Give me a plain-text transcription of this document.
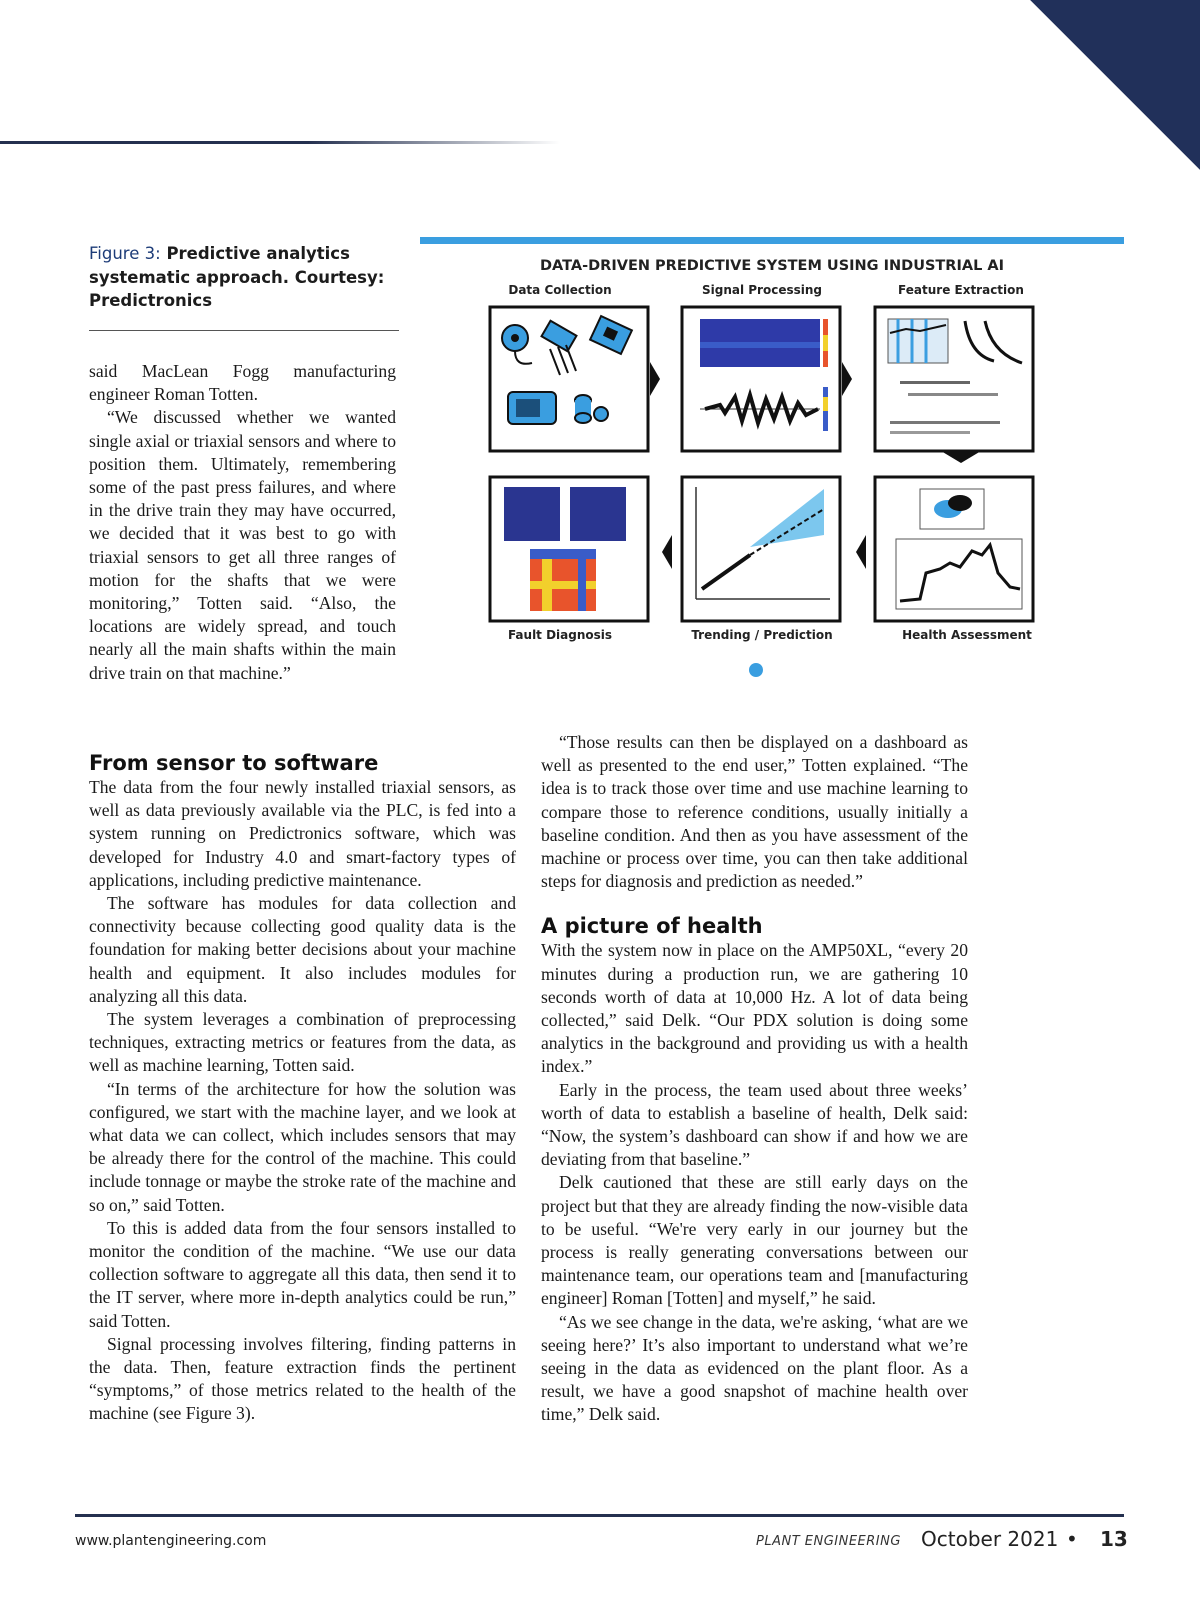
Figure 3: Predictive analytics systematic approach. Courtesy: Predictronics
DATA-DRIVEN PREDICTIVE SYSTEM USING INDUSTRIAL AI
Data Collection	Signal Processing	Feature Extraction
Fault Diagnosis	Trending / Prediction	Health Assessment

said MacLean Fogg manufacturing engineer Roman Totten.

“We discussed whether we wanted single axial or triaxial sensors and where to position them. Ultimately, remembering some of the past press failures, and where in the drive train they may have occurred, we decided that it was best to go with triaxial sensors to get all three ranges of motion for the shafts that we were monitoring,” Totten said. “Also, the locations are widely spread, and touch nearly all the main shafts within the main drive train on that machine.”

From sensor to software

The data from the four newly installed triaxial sensors, as well as data previously available via the PLC, is fed into a system running on Predictronics software, which was developed for Industry 4.0 and smart-factory types of applications, including predictive maintenance.

The software has modules for data collection and connectivity because collecting good quality data is the foundation for making better decisions about your machine health and equipment. It also includes modules for analyzing all this data.

The system leverages a combination of preprocessing techniques, extracting metrics or features from the data, as well as machine learning, Totten said.

“In terms of the architecture for how the solution was configured, we start with the machine layer, and we look at what data we can collect, which includes sensors that may be already there for the control of the machine. This could include tonnage or maybe the stroke rate of the machine and so on,” said Totten.

To this is added data from the four sensors installed to monitor the condition of the machine. “We use our data collection software to aggregate all this data, then send it to the IT server, where more in-depth analytics could be run,” said Totten.

Signal processing involves filtering, finding patterns in the data. Then, feature extraction finds the pertinent “symptoms,” of those metrics related to the health of the machine (see Figure 3).

“Those results can then be displayed on a dashboard as well as presented to the end user,” Totten explained. “The idea is to track those over time and use machine learning to compare those to reference conditions, usually initially a baseline condition. And then as you have assessment of the machine or process over time, you can then take additional steps for diagnosis and prediction as needed.”

A picture of health

With the system now in place on the AMP50XL, “every 20 minutes during a production run, we are gathering 10 seconds worth of data at 10,000 Hz. A lot of data being collected,” said Delk. “Our PDX solution is doing some analytics in the background and providing us with a health index.”

Early in the process, the team used about three weeks’ worth of data to establish a baseline of health, Delk said: “Now, the system’s dashboard can show if and how we are deviating from that baseline.”

Delk cautioned that these are still early days on the project but that they are already finding the now-visible data to be useful. “We're very early in our journey but the process is really generating conversations between our maintenance team, our operations team and [manufacturing engineer] Roman [Totten] and myself,” he said.

“As we see change in the data, we're asking, ‘what are we seeing here?’ It’s also important to understand what we’re seeing in the data as evidenced on the plant floor. As a result, we have a good snapshot of machine health over time,” Delk said.

www.plantengineering.com	PLANT ENGINEERING October 2021 • 13
